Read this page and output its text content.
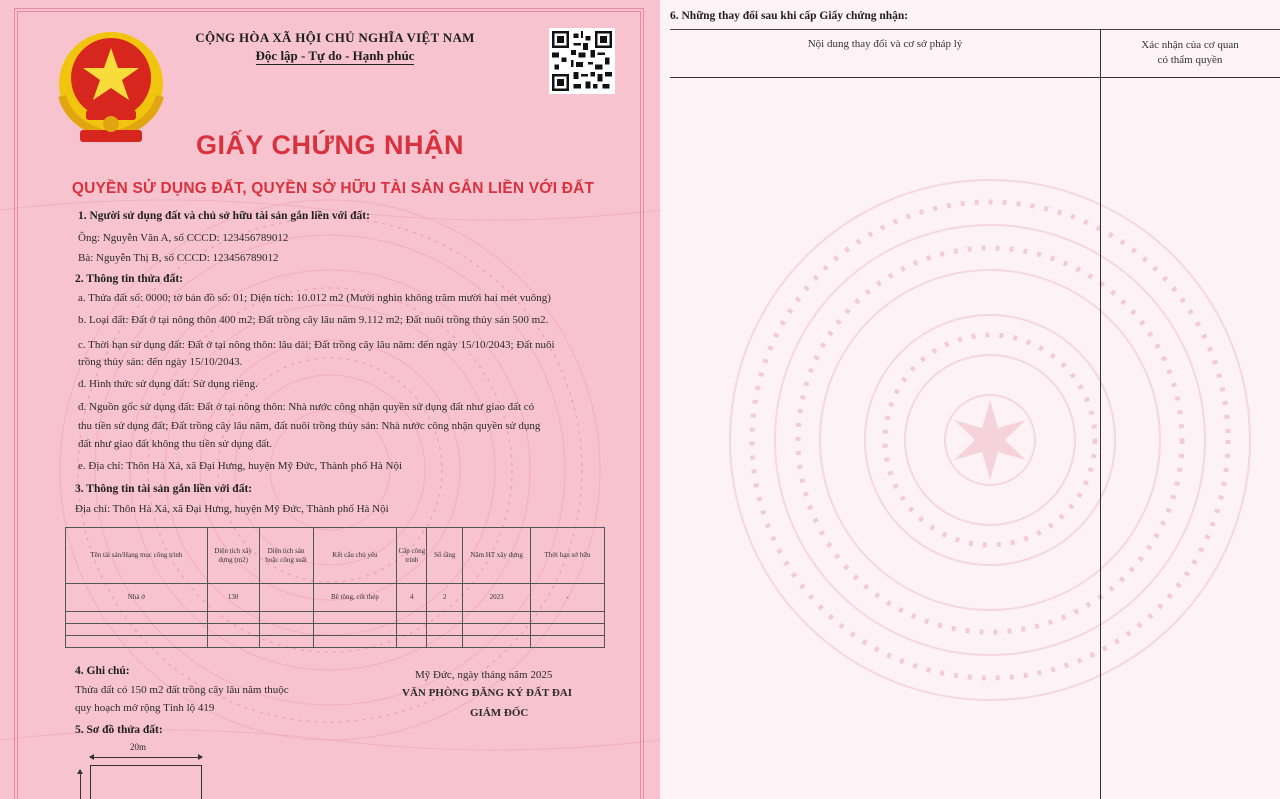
CỘNG HÒA XÃ HỘI CHỦ NGHĨA VIỆT NAM
Độc lập - Tự do - Hạnh phúc
GIẤY CHỨNG NHẬN
QUYỀN SỬ DỤNG ĐẤT, QUYỀN SỞ HỮU TÀI SẢN GẮN LIỀN VỚI ĐẤT
1. Người sử dụng đất và chủ sở hữu tài sản gắn liền với đất:
Ông: Nguyễn Văn A, số CCCD: 123456789012
Bà: Nguyễn Thị B, số CCCD: 123456789012
2. Thông tin thửa đất:
a. Thửa đất số: 0000; tờ bản đồ số: 01; Diện tích: 10.012 m2 (Mười nghìn không trăm mười hai mét vuông)
b. Loại đất: Đất ở tại nông thôn 400 m2; Đất trồng cây lâu năm 9.112 m2; Đất nuôi trồng thủy sản 500 m2.
c. Thời hạn sử dụng đất: Đất ở tại nông thôn: lâu dài; Đất trồng cây lâu năm: đến ngày 15/10/2043; Đất nuôi
trồng thủy sản: đến ngày 15/10/2043.
d. Hình thức sử dụng đất: Sử dụng riêng.
đ. Nguồn gốc sử dụng đất: Đất ở tại nông thôn: Nhà nước công nhận quyền sử dụng đất như giao đất có
thu tiền sử dụng đất; Đất trồng cây lâu năm, đất nuôi trồng thủy sản: Nhà nước công nhận quyền sử dụng
đất như giao đất không thu tiền sử dụng đất.
e. Địa chỉ: Thôn Hà Xá, xã Đại Hưng, huyện Mỹ Đức, Thành phố Hà Nội
3. Thông tin tài sản gắn liền với đất:
Địa chỉ: Thôn Hà Xá, xã Đại Hưng, huyện Mỹ Đức, Thành phố Hà Nội
Tên tài sản/Hạng mục công trình	Diện tích xây dựng (m2)	Diện tích sàn hoặc công suất	Kết cấu chủ yếu	Cấp công trình	Số tầng	Năm HT xây dựng	Thời hạn sở hữu
Nhà ở	130		Bê tông, cốt thép	4	2	2023	-

4. Ghi chú:
Thửa đất có 150 m2 đất trồng cây lâu năm thuộc
quy hoạch mở rộng Tỉnh lộ 419
Mỹ Đức, ngày tháng năm 2025
VĂN PHÒNG ĐĂNG KÝ ĐẤT ĐAI
GIÁM ĐỐC
5. Sơ đồ thửa đất:
20m
6. Những thay đổi sau khi cấp Giấy chứng nhận:
Nội dung thay đổi và cơ sở pháp lý	Xác nhận của cơ quan
có thẩm quyền
